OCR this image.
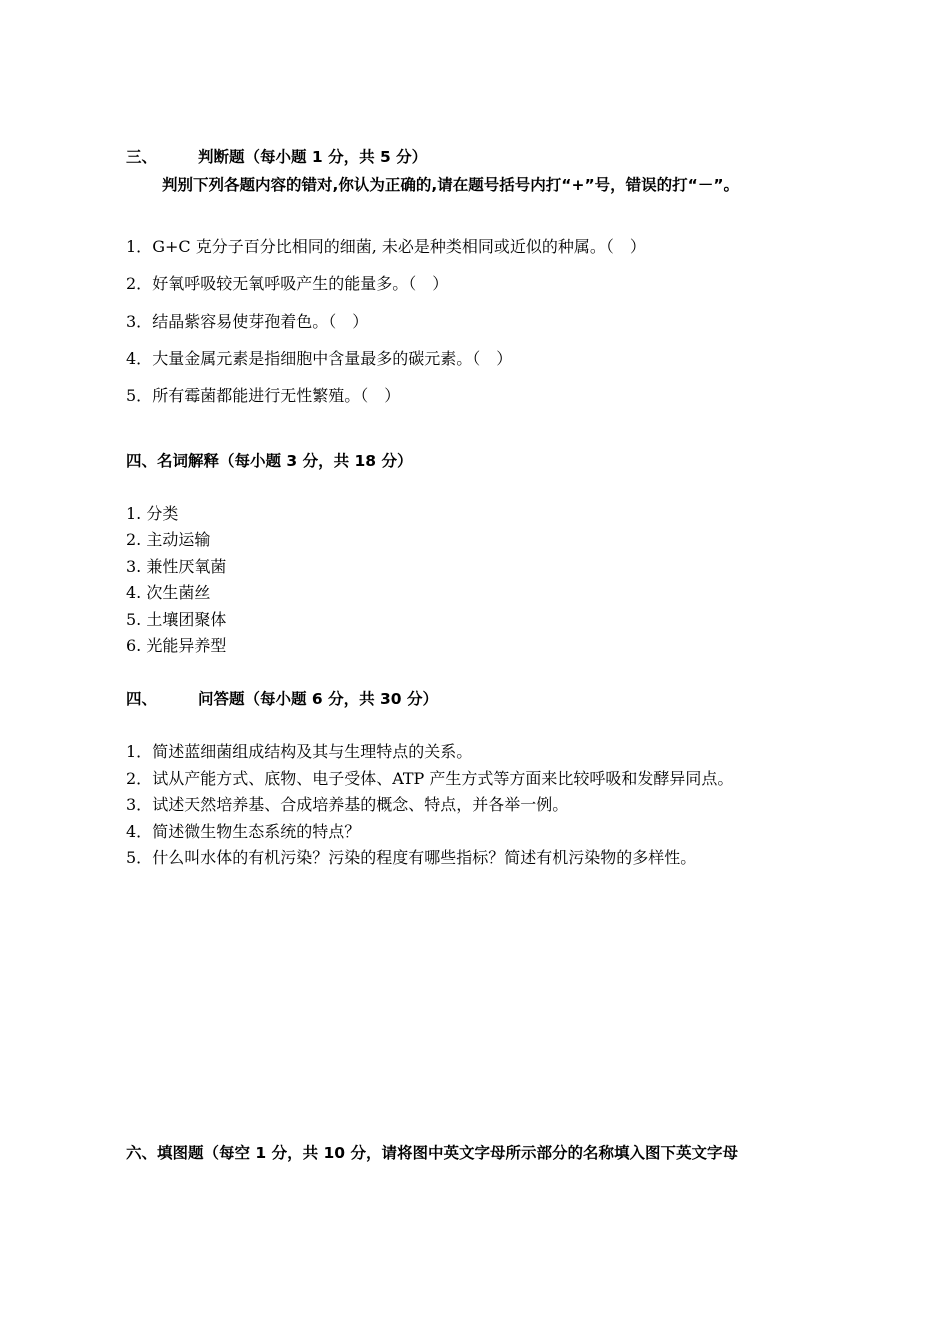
三、	判断题（每小题 1 分，共 5 分）
判别下列各题内容的错对,你认为正确的,请在题号括号内打“+”号，错误的打“－”。
1．G+C 克分子百分比相同的细菌, 未必是种类相同或近似的种属。（　）
2．好氧呼吸较无氧呼吸产生的能量多。（　）
3．结晶紫容易使芽孢着色。（　）
4．大量金属元素是指细胞中含量最多的碳元素。（　）
5．所有霉菌都能进行无性繁殖。（　）
四、名词解释（每小题 3 分，共 18 分）
1. 分类
2. 主动运输
3. 兼性厌氧菌
4. 次生菌丝
5. 土壤团聚体
6. 光能异养型
四、	问答题（每小题 6 分，共 30 分）
1．简述蓝细菌组成结构及其与生理特点的关系。
2．试从产能方式、底物、电子受体、ATP 产生方式等方面来比较呼吸和发酵异同点。
3．试述天然培养基、合成培养基的概念、特点，并各举一例。
4．简述微生物生态系统的特点？
5．什么叫水体的有机污染？污染的程度有哪些指标？简述有机污染物的多样性。
六、填图题（每空 1 分，共 10 分，请将图中英文字母所示部分的名称填入图下英文字母
